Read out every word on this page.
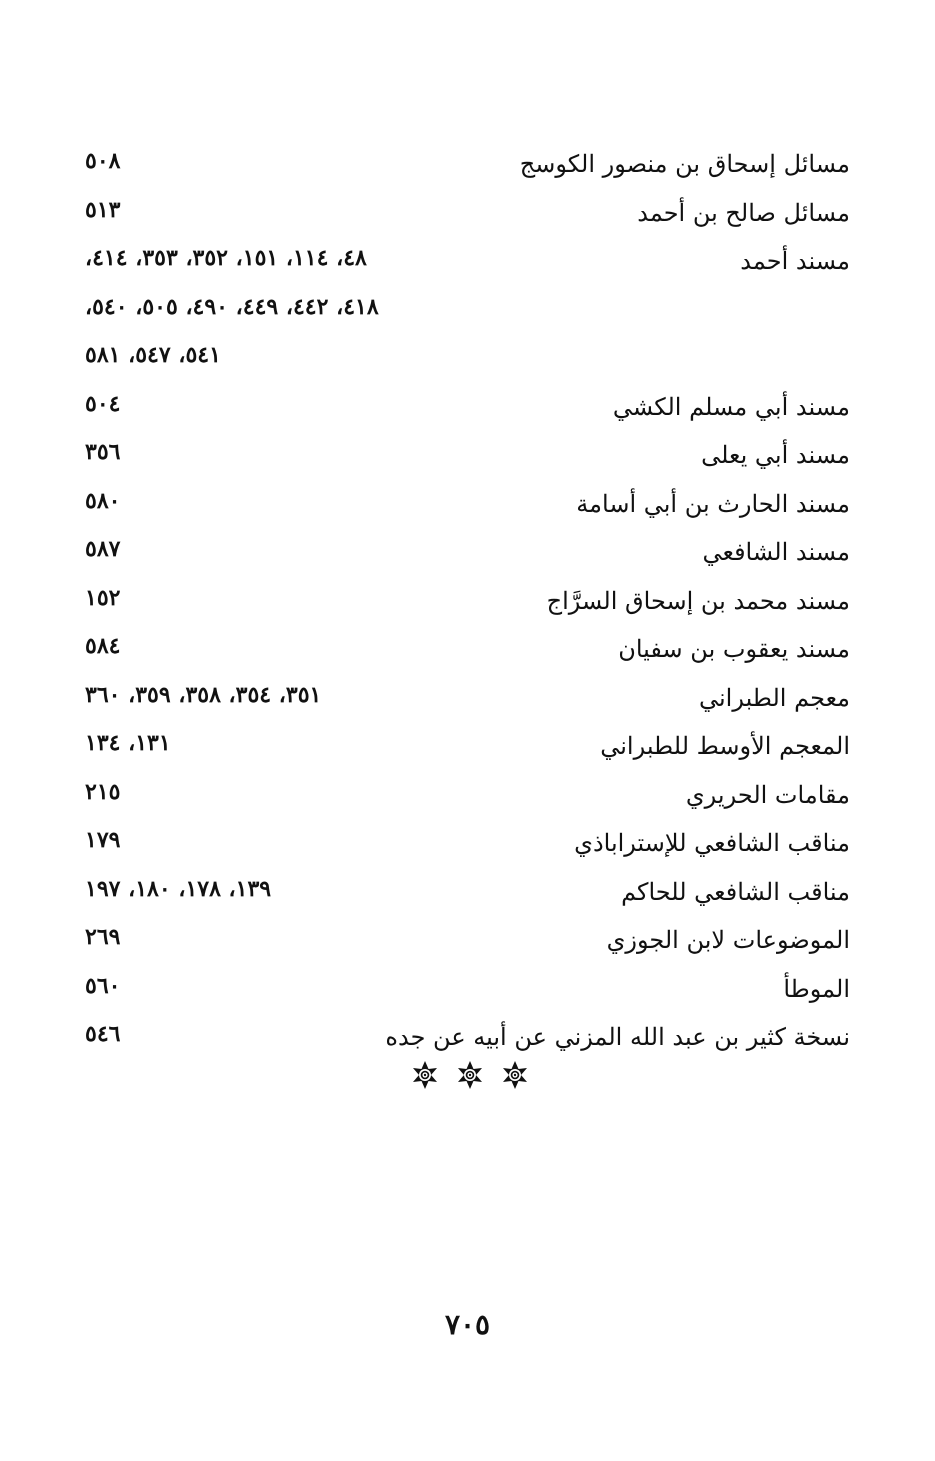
مسائل إسحاق بن منصور الكوسج
٥٠٨
مسائل صالح بن أحمد
٥١٣
مسند أحمد
٤٨، ١١٤، ١٥١، ٣٥٢، ٣٥٣، ٤١٤،
٤١٨، ٤٤٢، ٤٤٩، ٤٩٠، ٥٠٥، ٥٤٠،
٥٤١، ٥٤٧، ٥٨١
مسند أبي مسلم الكشي
٥٠٤
مسند أبي يعلى
٣٥٦
مسند الحارث بن أبي أسامة
٥٨٠
مسند الشافعي
٥٨٧
مسند محمد بن إسحاق السرَّاج
١٥٢
مسند يعقوب بن سفيان
٥٨٤
معجم الطبراني
٣٥١، ٣٥٤، ٣٥٨، ٣٥٩، ٣٦٠
المعجم الأوسط للطبراني
١٣١، ١٣٤
مقامات الحريري
٢١٥
مناقب الشافعي للإستراباذي
١٧٩
مناقب الشافعي للحاكم
١٣٩، ١٧٨، ١٨٠، ١٩٧
الموضوعات لابن الجوزي
٢٦٩
الموطأ
٥٦٠
نسخة كثير بن عبد الله المزني عن أبيه عن جده
٥٤٦
٧٠٥
